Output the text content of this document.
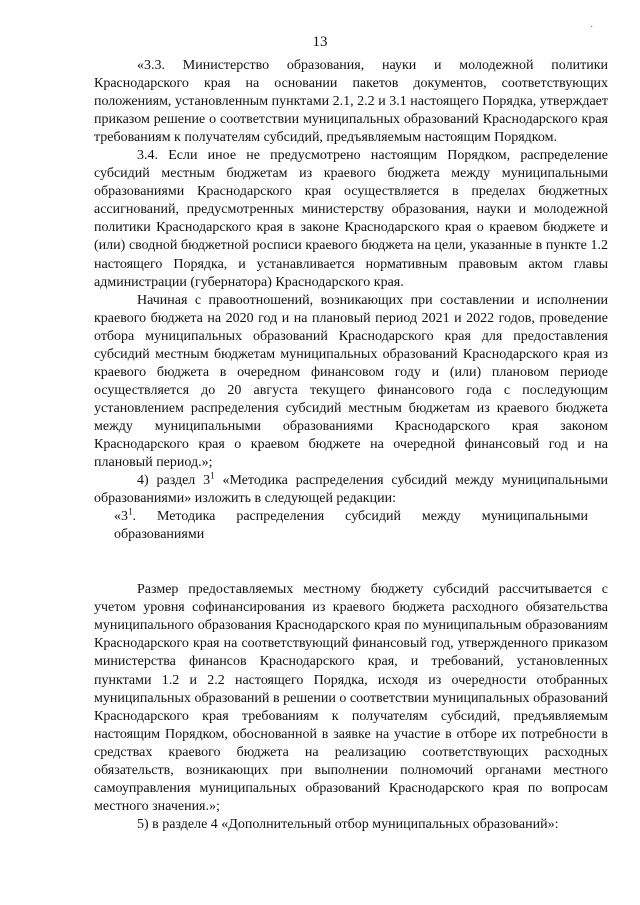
·
13

«3.3. Министерство образования, науки и молодежной политики Краснодарского края на основании пакетов документов, соответствующих положениям, установленным пунктами 2.1, 2.2 и 3.1 настоящего Порядка, утверждает приказом решение о соответствии муниципальных образований Краснодарского края требованиям к получателям субсидий, предъявляемым настоящим Порядком.

3.4. Если иное не предусмотрено настоящим Порядком, распределение субсидий местным бюджетам из краевого бюджета между муниципальными образованиями Краснодарского края осуществляется в пределах бюджетных ассигнований, предусмотренных министерству образования, науки и молодежной политики Краснодарского края в законе Краснодарского края о краевом бюджете и (или) сводной бюджетной росписи краевого бюджета на цели, указанные в пункте 1.2 настоящего Порядка, и устанавливается нормативным правовым актом главы администрации (губернатора) Краснодарского края.

Начиная с правоотношений, возникающих при составлении и исполнении краевого бюджета на 2020 год и на плановый период 2021 и 2022 годов, проведение отбора муниципальных образований Краснодарского края для предоставления субсидий местным бюджетам муниципальных образований Краснодарского края из краевого бюджета в очередном финансовом году и (или) плановом периоде осуществляется до 20 августа текущего финансового года с последующим установлением распределения субсидий местным бюджетам из краевого бюджета между муниципальными образованиями Краснодарского края законом Краснодарского края о краевом бюджете на очередной финансовый год и на плановый период.»;

4) раздел $3^1$ «Методика распределения субсидий между муниципальными образованиями» изложить в следующей редакции:

«$3^1$. Методика распределения субсидий между муниципальными образованиями

Размер предоставляемых местному бюджету субсидий рассчитывается с учетом уровня софинансирования из краевого бюджета расходного обязательства муниципального образования Краснодарского края по муниципальным образованиям Краснодарского края на соответствующий финансовый год, утвержденного приказом министерства финансов Краснодарского края, и требований, установленных пунктами 1.2 и 2.2 настоящего Порядка, исходя из очередности отобранных муниципальных образований в решении о соответствии муниципальных образований Краснодарского края требованиям к получателям субсидий, предъявляемым настоящим Порядком, обоснованной в заявке на участие в отборе их потребности в средствах краевого бюджета на реализацию соответствующих расходных обязательств, возникающих при выполнении полномочий органами местного самоуправления муниципальных образований Краснодарского края по вопросам местного значения.»;

5) в разделе 4 «Дополнительный отбор муниципальных образований»:
